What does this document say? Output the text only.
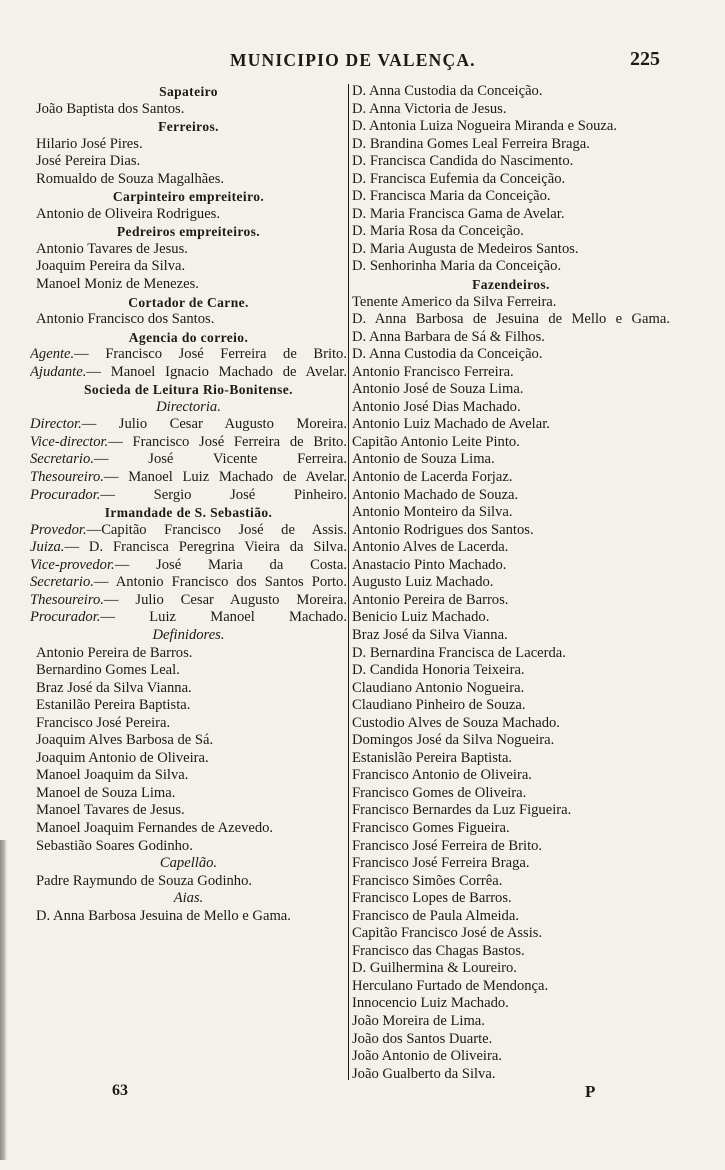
MUNICIPIO DE VALENÇA.	225
Sapateiro
João Baptista dos Santos.
Ferreiros.
Hilario José Pires.
José Pereira Dias.
Romualdo de Souza Magalhães.
Carpinteiro empreiteiro.
Antonio de Oliveira Rodrigues.
Pedreiros empreiteiros.
Antonio Tavares de Jesus.
Joaquim Pereira da Silva.
Manoel Moniz de Menezes.
Cortador de Carne.
Antonio Francisco dos Santos.
Agencia do correio.
Agente.— Francisco José Ferreira de Brito.
Ajudante.— Manoel Ignacio Machado de Avelar.
Socieda de Leitura Rio-Bonitense.
Directoria.
Director.— Julio Cesar Augusto Moreira.
Vice-director.— Francisco José Ferreira de Brito.
Secretario.— José Vicente Ferreira.
Thesoureiro.— Manoel Luiz Machado de Avelar.
Procurador.— Sergio José Pinheiro.
Irmandade de S. Sebastião.
Provedor.—Capitão Francisco José de Assis.
Juiza.— D. Francisca Peregrina Vieira da Silva.
Vice-provedor.— José Maria da Costa.
Secretario.— Antonio Francisco dos Santos Porto.
Thesoureiro.— Julio Cesar Augusto Moreira.
Procurador.— Luiz Manoel Machado.
Definidores.
Antonio Pereira de Barros.
Bernardino Gomes Leal.
Braz José da Silva Vianna.
Estanilão Pereira Baptista.
Francisco José Pereira.
Joaquim Alves Barbosa de Sá.
Joaquim Antonio de Oliveira.
Manoel Joaquim da Silva.
Manoel de Souza Lima.
Manoel Tavares de Jesus.
Manoel Joaquim Fernandes de Azevedo.
Sebastião Soares Godinho.
Capellão.
Padre Raymundo de Souza Godinho.
Aias.
D. Anna Barbosa Jesuina de Mello e Gama.
D. Anna Custodia da Conceição.
D. Anna Victoria de Jesus.
D. Antonia Luiza Nogueira Miranda e Souza.
D. Brandina Gomes Leal Ferreira Braga.
D. Francisca Candida do Nascimento.
D. Francisca Eufemia da Conceição.
D. Francisca Maria da Conceição.
D. Maria Francisca Gama de Avelar.
D. Maria Rosa da Conceição.
D. Maria Augusta de Medeiros Santos.
D. Senhorinha Maria da Conceição.
Fazendeiros.
Tenente Americo da Silva Ferreira.
D. Anna Barbosa de Jesuina de Mello e Gama.
D. Anna Barbara de Sá & Filhos.
D. Anna Custodia da Conceição.
Antonio Francisco Ferreira.
Antonio José de Souza Lima.
Antonio José Dias Machado.
Antonio Luiz Machado de Avelar.
Capitão Antonio Leite Pinto.
Antonio de Souza Lima.
Antonio de Lacerda Forjaz.
Antonio Machado de Souza.
Antonio Monteiro da Silva.
Antonio Rodrigues dos Santos.
Antonio Alves de Lacerda.
Anastacio Pinto Machado.
Augusto Luiz Machado.
Antonio Pereira de Barros.
Benicio Luiz Machado.
Braz José da Silva Vianna.
D. Bernardina Francisca de Lacerda.
D. Candida Honoria Teixeira.
Claudiano Antonio Nogueira.
Claudiano Pinheiro de Souza.
Custodio Alves de Souza Machado.
Domingos José da Silva Nogueira.
Estanislão Pereira Baptista.
Francisco Antonio de Oliveira.
Francisco Gomes de Oliveira.
Francisco Bernardes da Luz Figueira.
Francisco Gomes Figueira.
Francisco José Ferreira de Brito.
Francisco José Ferreira Braga.
Francisco Simões Corrêa.
Francisco Lopes de Barros.
Francisco de Paula Almeida.
Capitão Francisco José de Assis.
Francisco das Chagas Bastos.
D. Guilhermina & Loureiro.
Herculano Furtado de Mendonça.
Innocencio Luiz Machado.
João Moreira de Lima.
João dos Santos Duarte.
João Antonio de Oliveira.
João Gualberto da Silva.
63	P
